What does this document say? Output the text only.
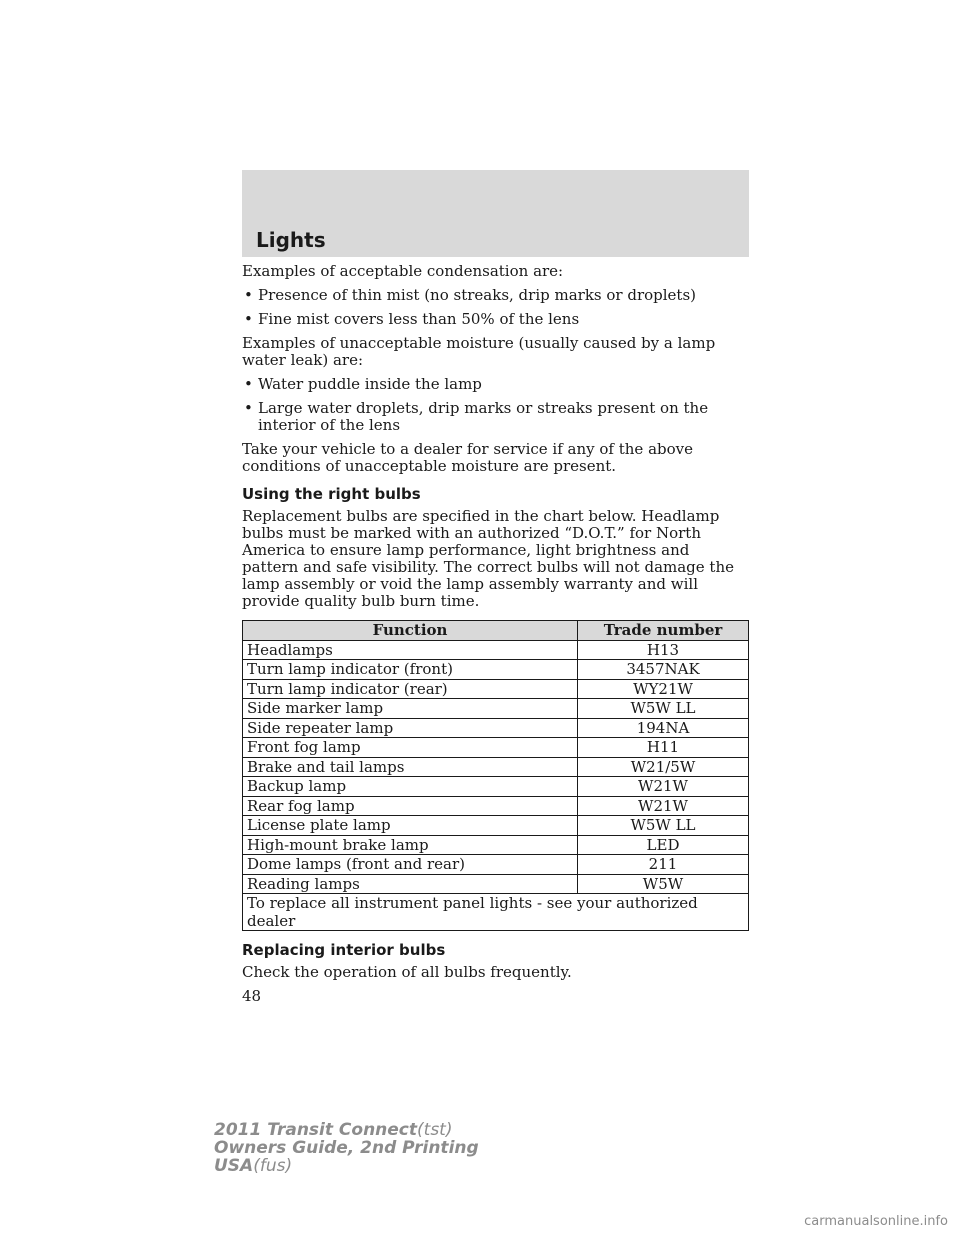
Lights

Examples of acceptable condensation are:

• Presence of thin mist (no streaks, drip marks or droplets)
• Fine mist covers less than 50% of the lens

Examples of unacceptable moisture (usually caused by a lamp water leak) are:

• Water puddle inside the lamp
• Large water droplets, drip marks or streaks present on the interior of the lens

Take your vehicle to a dealer for service if any of the above conditions of unacceptable moisture are present.

Using the right bulbs

Replacement bulbs are specified in the chart below. Headlamp bulbs must be marked with an authorized “D.O.T.” for North America to ensure lamp performance, light brightness and pattern and safe visibility. The correct bulbs will not damage the lamp assembly or void the lamp assembly warranty and will provide quality bulb burn time.

Function	Trade number
Headlamps	H13
Turn lamp indicator (front)	3457NAK
Turn lamp indicator (rear)	WY21W
Side marker lamp	W5W LL
Side repeater lamp	194NA
Front fog lamp	H11
Brake and tail lamps	W21/5W
Backup lamp	W21W
Rear fog lamp	W21W
License plate lamp	W5W LL
High-mount brake lamp	LED
Dome lamps (front and rear)	211
Reading lamps	W5W
To replace all instrument panel lights - see your authorized dealer	
Replacing interior bulbs

Check the operation of all bulbs frequently.

48
2011 Transit Connect(tst)
Owners Guide, 2nd Printing
USA(fus)
carmanualsonline.info
